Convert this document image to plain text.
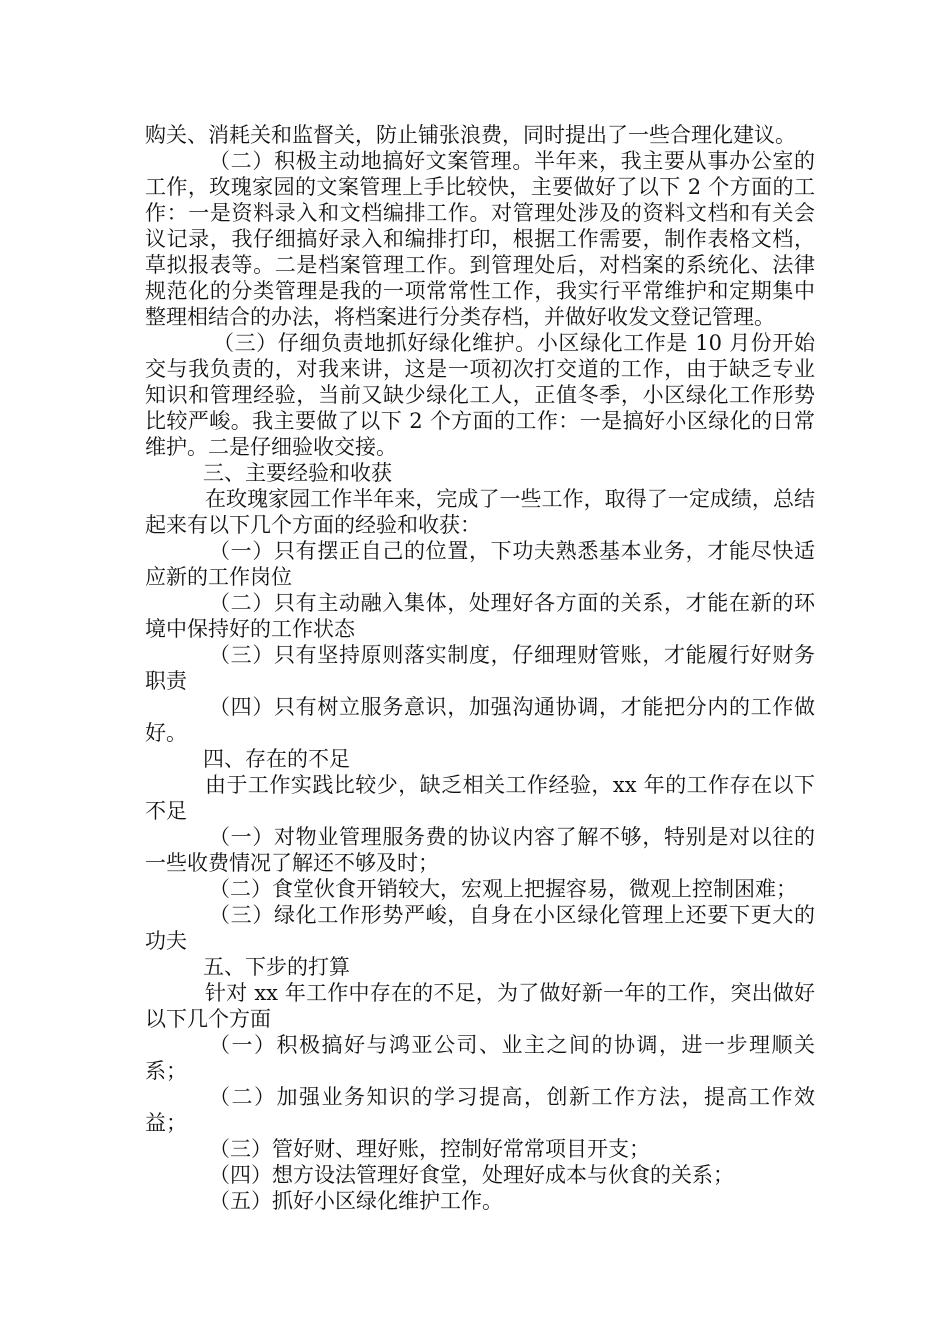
购关、消耗关和监督关，防止铺张浪费，同时提出了一些合理化建议。

（二）积极主动地搞好文案管理。半年来，我主要从事办公室的工作，玫瑰家园的文案管理上手比较快，主要做好了以下 2 个方面的工作：一是资料录入和文档编排工作。对管理处涉及的资料文档和有关会议记录，我仔细搞好录入和编排打印，根据工作需要，制作表格文档，草拟报表等。二是档案管理工作。到管理处后，对档案的系统化、法律规范化的分类管理是我的一项常常性工作，我实行平常维护和定期集中整理相结合的办法，将档案进行分类存档，并做好收发文登记管理。

（三）仔细负责地抓好绿化维护。小区绿化工作是 10 月份开始交与我负责的，对我来讲，这是一项初次打交道的工作，由于缺乏专业知识和管理经验，当前又缺少绿化工人，正值冬季，小区绿化工作形势比较严峻。我主要做了以下 2 个方面的工作：一是搞好小区绿化的日常维护。二是仔细验收交接。

三、主要经验和收获

在玫瑰家园工作半年来，完成了一些工作，取得了一定成绩，总结起来有以下几个方面的经验和收获：

（一）只有摆正自己的位置，下功夫熟悉基本业务，才能尽快适应新的工作岗位

（二）只有主动融入集体，处理好各方面的关系，才能在新的环境中保持好的工作状态

（三）只有坚持原则落实制度，仔细理财管账，才能履行好财务职责

（四）只有树立服务意识，加强沟通协调，才能把分内的工作做好。

四、存在的不足

由于工作实践比较少，缺乏相关工作经验，xx 年的工作存在以下不足

（一）对物业管理服务费的协议内容了解不够，特别是对以往的一些收费情况了解还不够及时；

（二）食堂伙食开销较大，宏观上把握容易，微观上控制困难；

（三）绿化工作形势严峻，自身在小区绿化管理上还要下更大的功夫

五、下步的打算

针对 xx 年工作中存在的不足，为了做好新一年的工作，突出做好以下几个方面

（一）积极搞好与鸿亚公司、业主之间的协调，进一步理顺关系；

（二）加强业务知识的学习提高，创新工作方法，提高工作效益；

（三）管好财、理好账，控制好常常项目开支；

（四）想方设法管理好食堂，处理好成本与伙食的关系；

（五）抓好小区绿化维护工作。
